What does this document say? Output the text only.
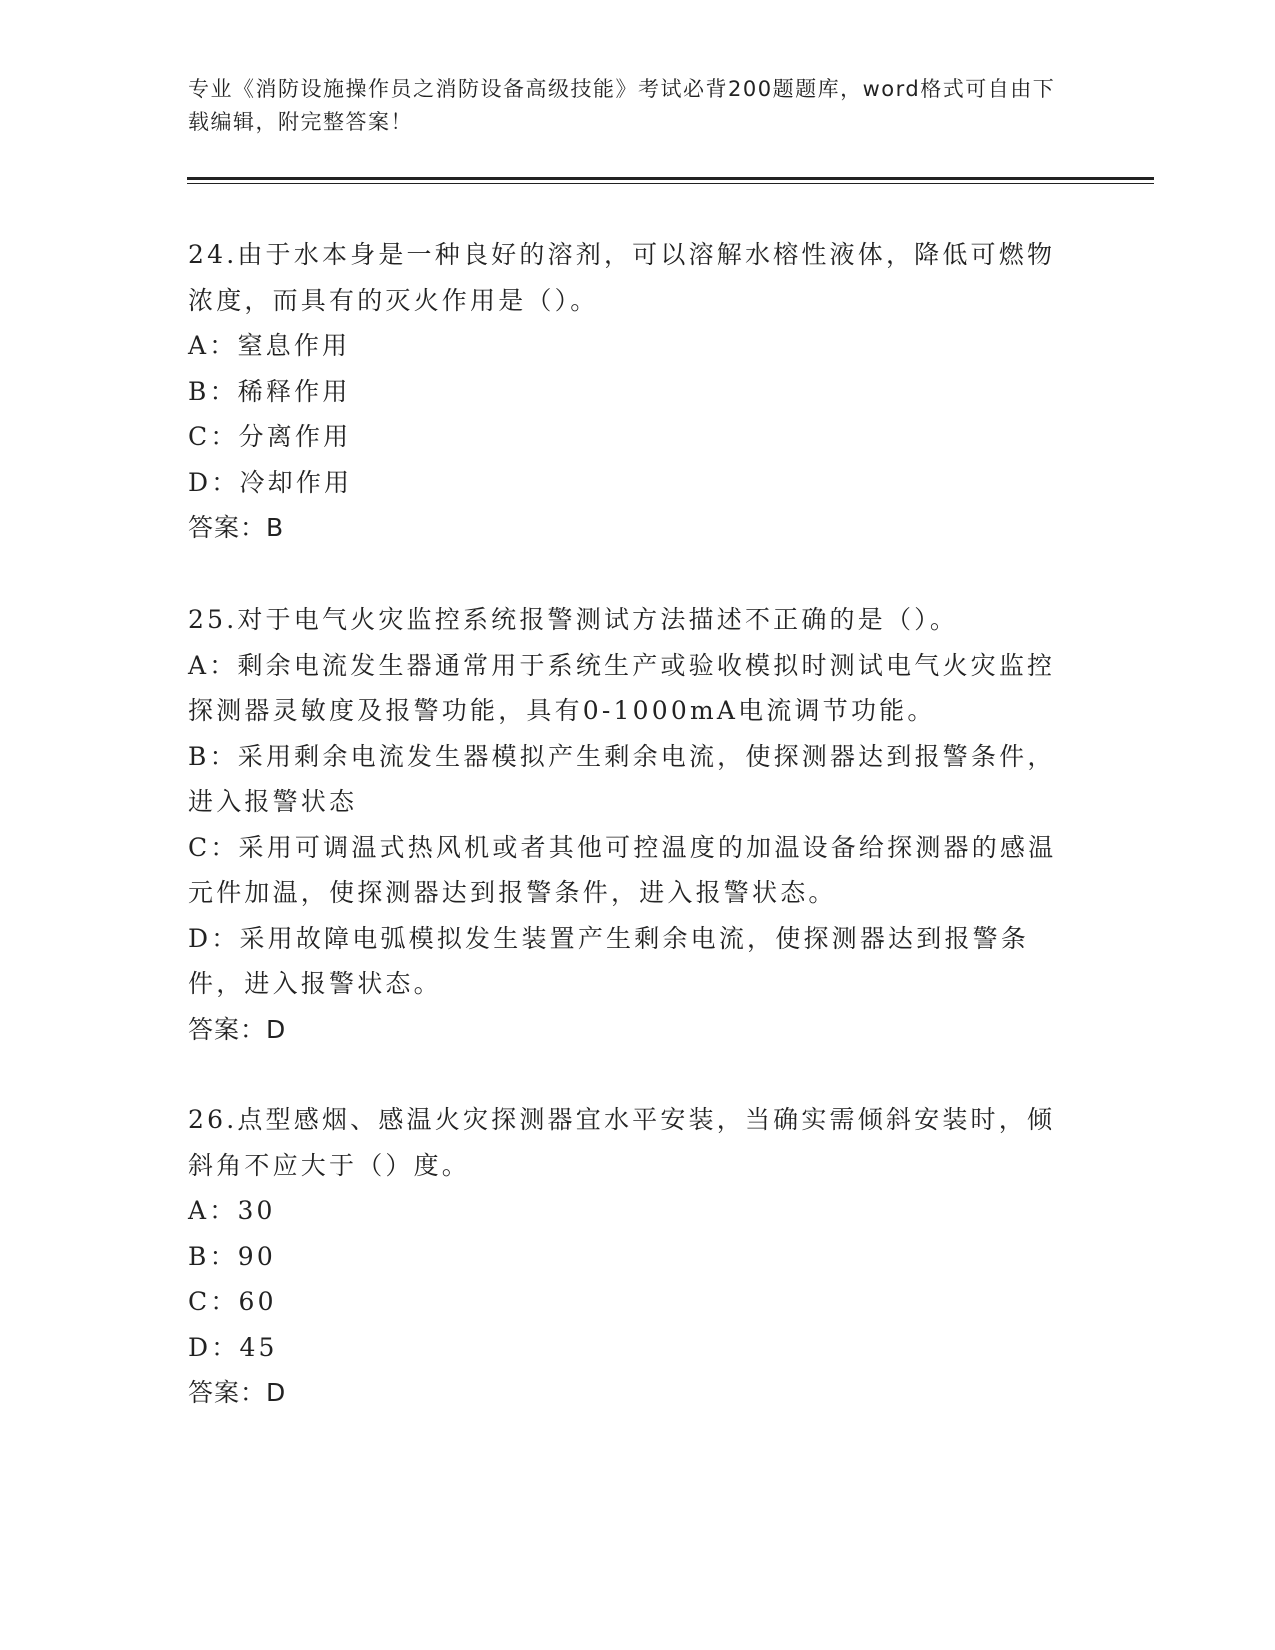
专业《消防设施操作员之消防设备高级技能》考试必背200题题库，word格式可自由下载编辑，附完整答案！
24.由于水本身是一种良好的溶剂，可以溶解水榕性液体，降低可燃物浓度，而具有的灭火作用是（）。
A：窒息作用
B：稀释作用
C：分离作用
D：冷却作用
答案：B
25.对于电气火灾监控系统报警测试方法描述不正确的是（）。
A：剩余电流发生器通常用于系统生产或验收模拟时测试电气火灾监控探测器灵敏度及报警功能，具有0-1000mA电流调节功能。
B：采用剩余电流发生器模拟产生剩余电流，使探测器达到报警条件，进入报警状态
C：采用可调温式热风机或者其他可控温度的加温设备给探测器的感温元件加温，使探测器达到报警条件，进入报警状态。
D：采用故障电弧模拟发生装置产生剩余电流，使探测器达到报警条件，进入报警状态。
答案：D
26.点型感烟、感温火灾探测器宜水平安装，当确实需倾斜安装时，倾斜角不应大于（）度。
A：30
B：90
C：60
D：45
答案：D
